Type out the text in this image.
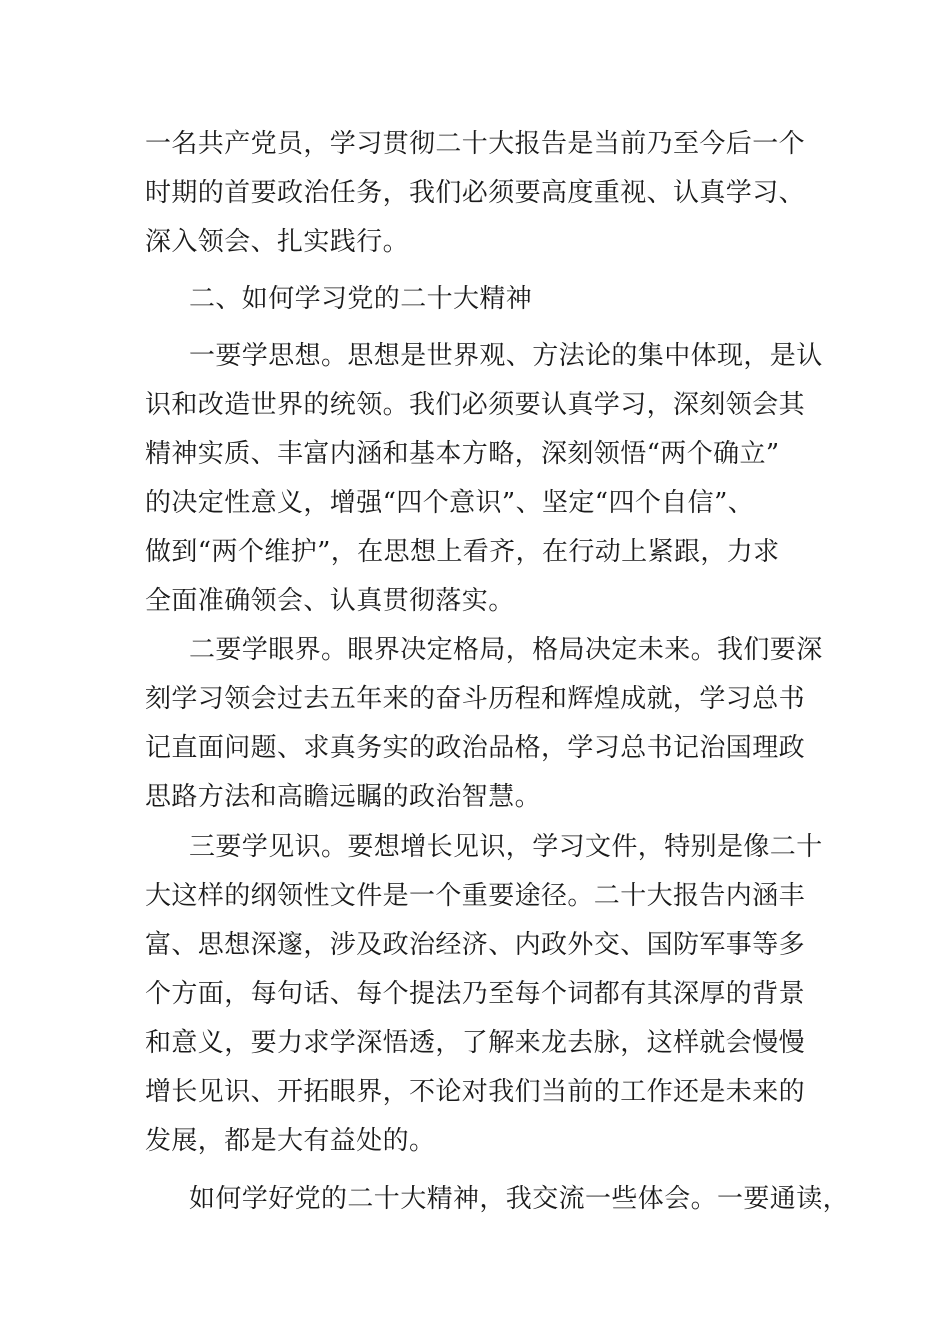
一名共产党员，学习贯彻二十大报告是当前乃至今后一个
时期的首要政治任务，我们必须要高度重视、认真学习、
深入领会、扎实践行。
二、如何学习党的二十大精神
一要学思想。思想是世界观、方法论的集中体现，是认
识和改造世界的统领。我们必须要认真学习，深刻领会其
精神实质、丰富内涵和基本方略，深刻领悟“两个确立”
的决定性意义，增强“四个意识”、坚定“四个自信”、
做到“两个维护”，在思想上看齐，在行动上紧跟，力求
全面准确领会、认真贯彻落实。
二要学眼界。眼界决定格局，格局决定未来。我们要深
刻学习领会过去五年来的奋斗历程和辉煌成就，学习总书
记直面问题、求真务实的政治品格，学习总书记治国理政
思路方法和高瞻远瞩的政治智慧。
三要学见识。要想增长见识，学习文件，特别是像二十
大这样的纲领性文件是一个重要途径。二十大报告内涵丰
富、思想深邃，涉及政治经济、内政外交、国防军事等多
个方面，每句话、每个提法乃至每个词都有其深厚的背景
和意义，要力求学深悟透，了解来龙去脉，这样就会慢慢
增长见识、开拓眼界，不论对我们当前的工作还是未来的
发展，都是大有益处的。
如何学好党的二十大精神，我交流一些体会。一要通读，
